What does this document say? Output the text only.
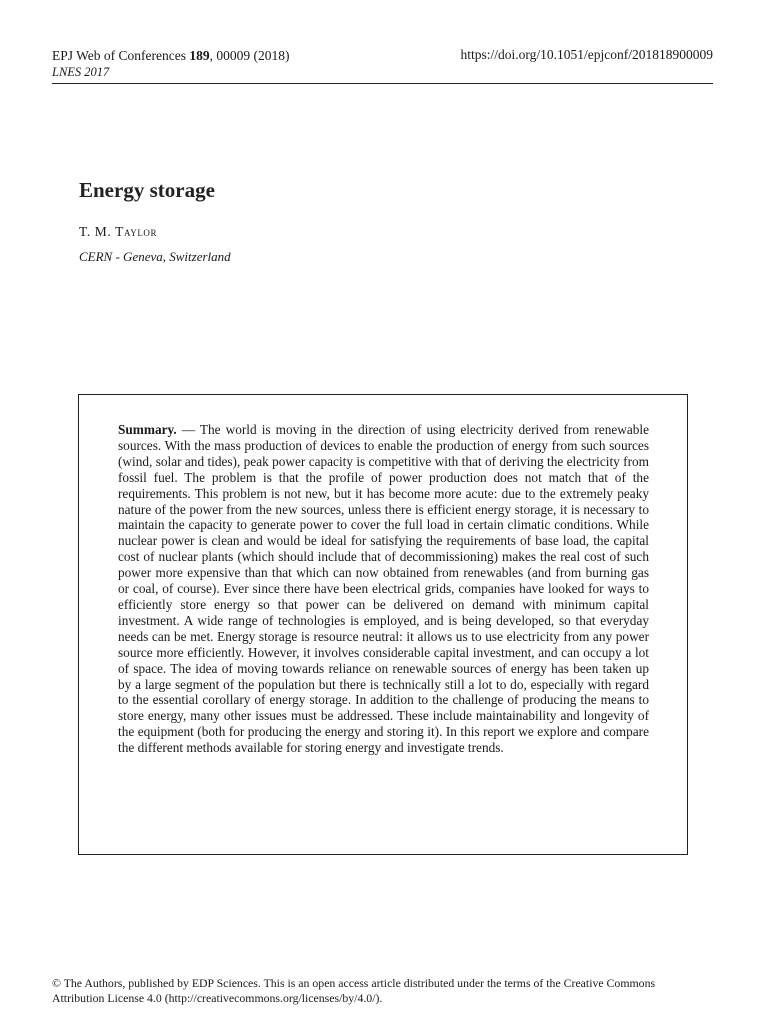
EPJ Web of Conferences 189, 00009 (2018)
LNES 2017
https://doi.org/10.1051/epjconf/201818900009
Energy storage
T. M. Taylor
CERN - Geneva, Switzerland
Summary. — The world is moving in the direction of using electricity derived from renewable sources. With the mass production of devices to enable the production of energy from such sources (wind, solar and tides), peak power capacity is competitive with that of deriving the electricity from fossil fuel. The problem is that the profile of power production does not match that of the requirements. This problem is not new, but it has become more acute: due to the extremely peaky nature of the power from the new sources, unless there is efficient energy storage, it is necessary to maintain the capacity to generate power to cover the full load in certain climatic conditions. While nuclear power is clean and would be ideal for satisfying the requirements of base load, the capital cost of nuclear plants (which should include that of decommissioning) makes the real cost of such power more expensive than that which can now obtained from renewables (and from burning gas or coal, of course). Ever since there have been electrical grids, companies have looked for ways to efficiently store energy so that power can be delivered on demand with minimum capital investment. A wide range of technologies is employed, and is being developed, so that everyday needs can be met. Energy storage is resource neutral: it allows us to use electricity from any power source more efficiently. However, it involves considerable capital investment, and can occupy a lot of space. The idea of moving towards reliance on renewable sources of energy has been taken up by a large segment of the population but there is technically still a lot to do, especially with regard to the essential corollary of energy storage. In addition to the challenge of producing the means to store energy, many other issues must be addressed. These include maintainability and longevity of the equipment (both for producing the energy and storing it). In this report we explore and compare the different methods available for storing energy and investigate trends.
© The Authors, published by EDP Sciences. This is an open access article distributed under the terms of the Creative Commons
Attribution License 4.0 (http://creativecommons.org/licenses/by/4.0/).
